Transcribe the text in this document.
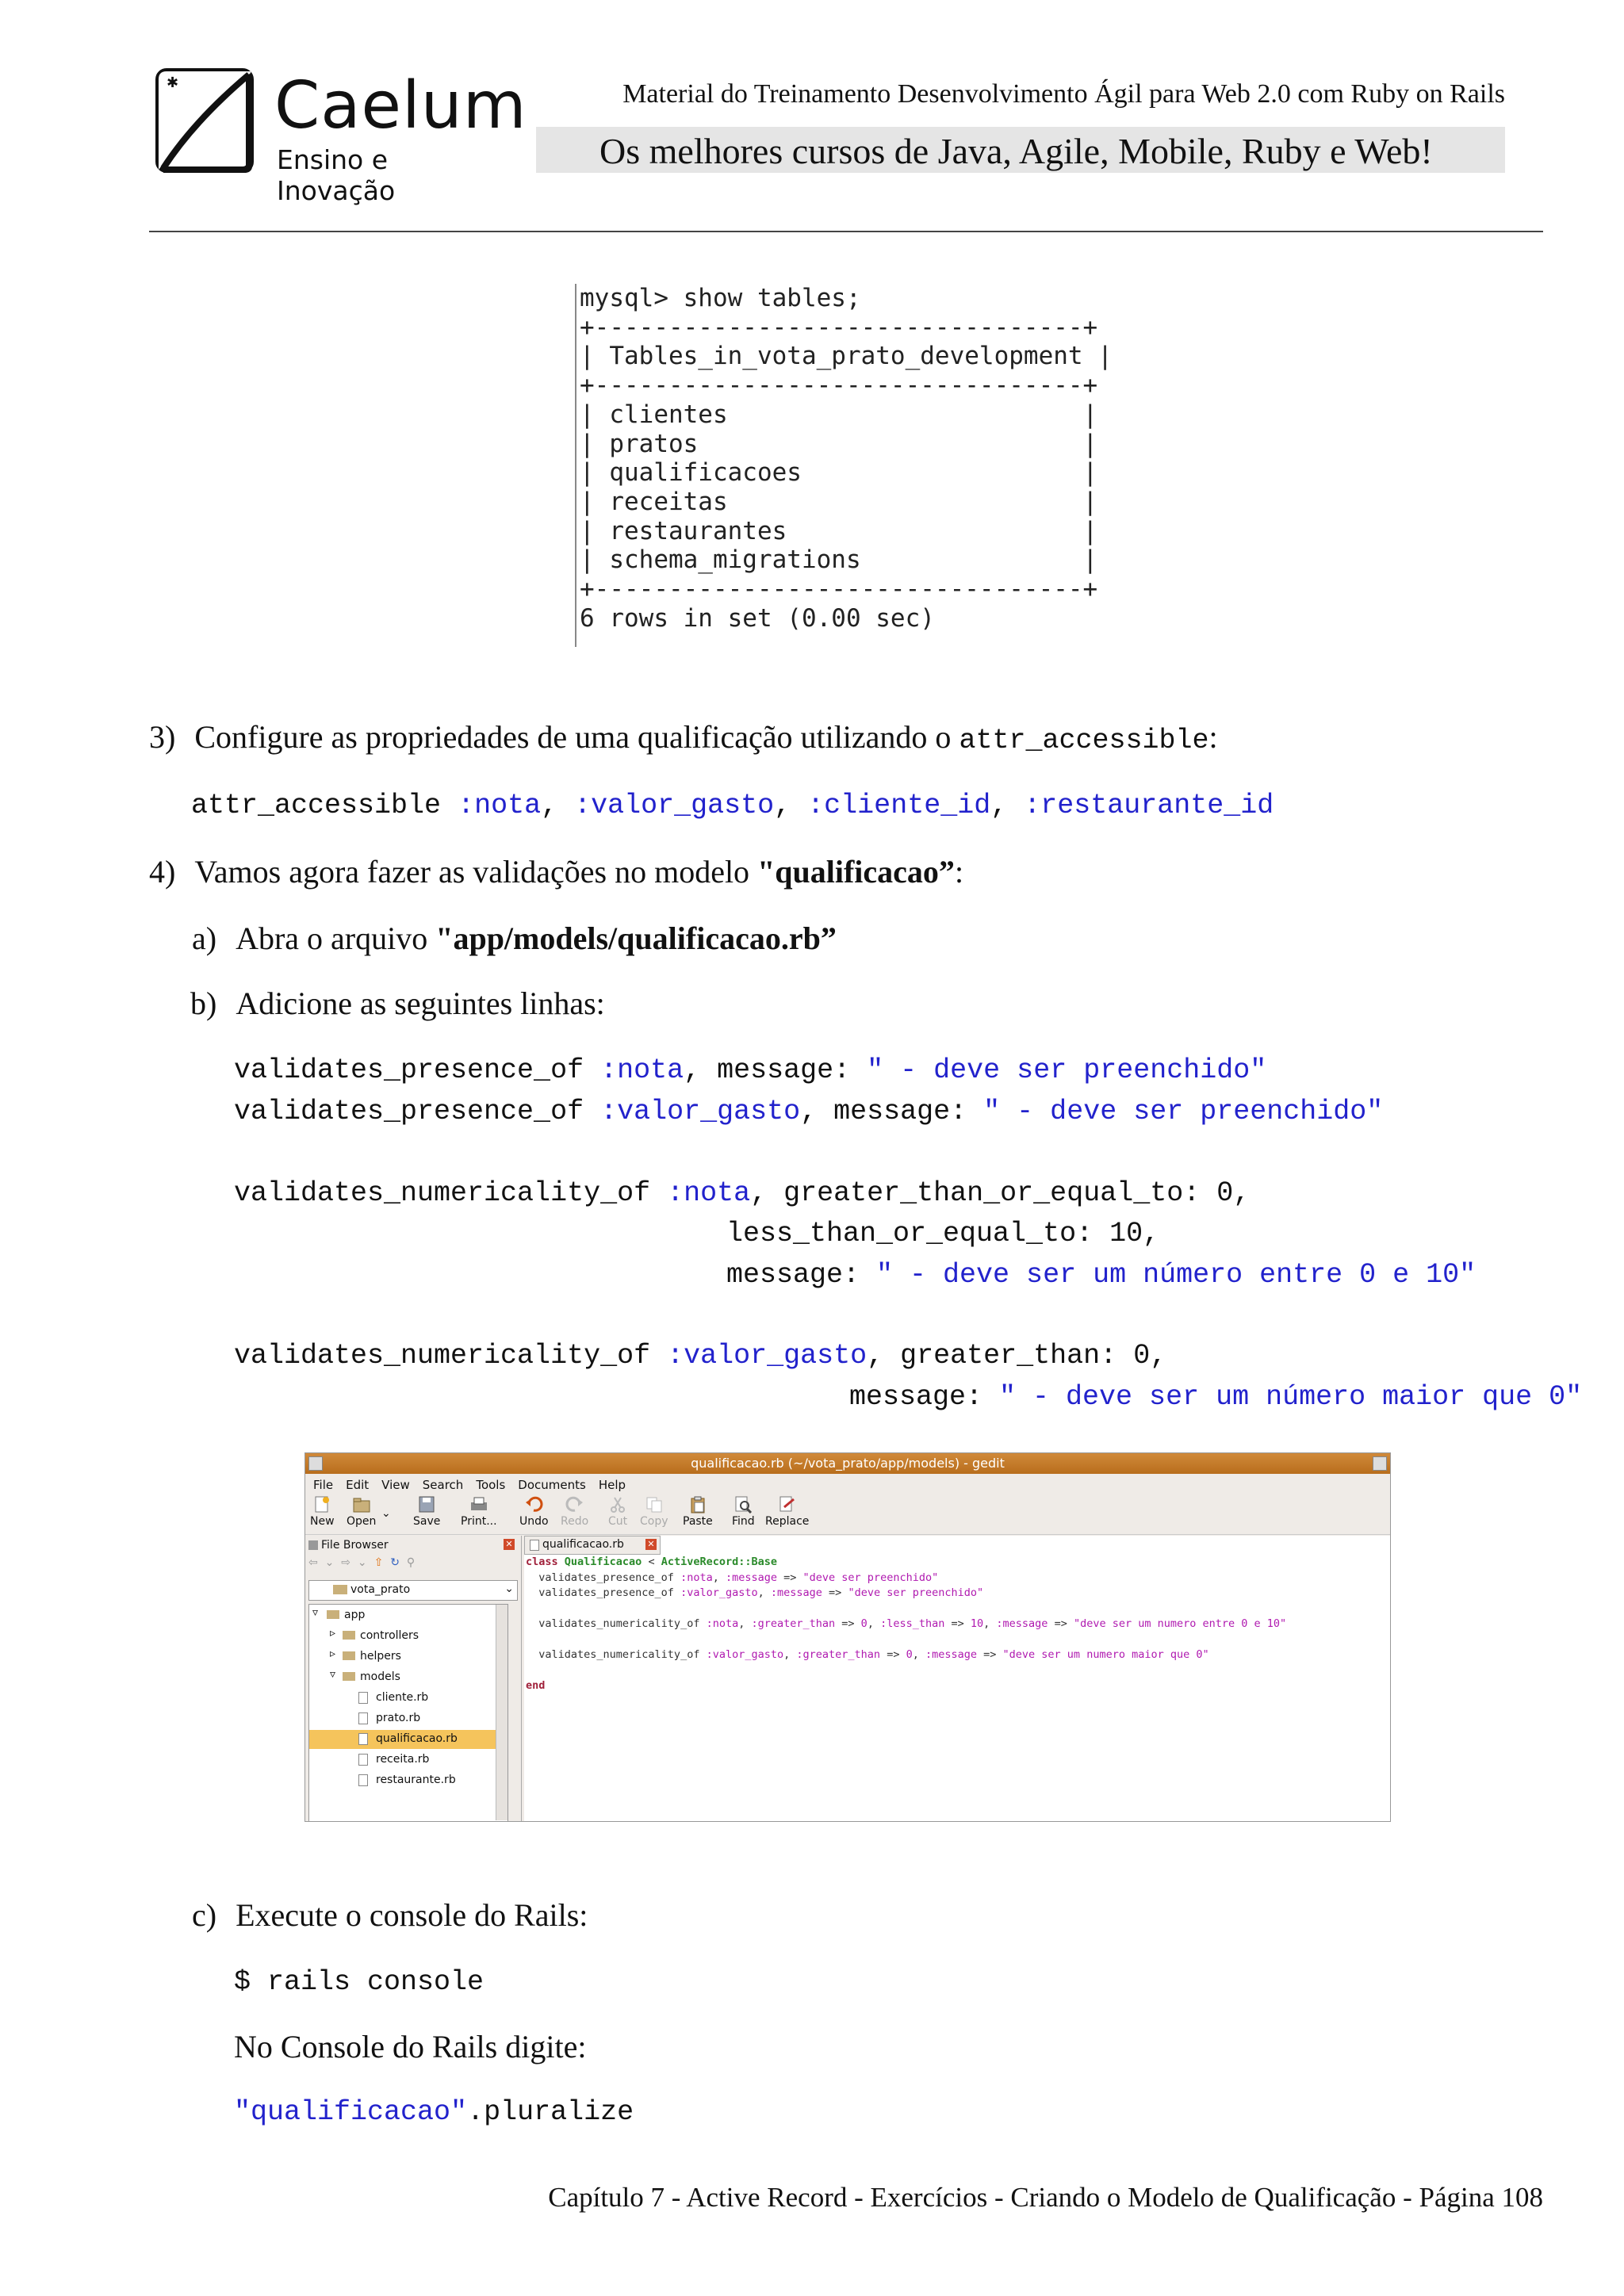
✱ Caelum
Ensino e Inovação
Material do Treinamento Desenvolvimento Ágil para Web 2.0 com Ruby on Rails
Os melhores cursos de Java, Agile, Mobile, Ruby e Web!
mysql> show tables;
+---------------------------------+
| Tables_in_vota_prato_development |
+---------------------------------+
| clientes                        |
| pratos                          |
| qualificacoes                   |
| receitas                        |
| restaurantes                    |
| schema_migrations               |
+---------------------------------+
6 rows in set (0.00 sec)
3) Configure as propriedades de uma qualificação utilizando o attr_accessible:
attr_accessible :nota, :valor_gasto, :cliente_id, :restaurante_id
4) Vamos agora fazer as validações no modelo "qualificacao”:
a) Abra o arquivo "app/models/qualificacao.rb”
b) Adicione as seguintes linhas:
validates_presence_of :nota, message: " - deve ser preenchido"
validates_presence_of :valor_gasto, message: " - deve ser preenchido"
validates_numericality_of :nota, greater_than_or_equal_to: 0,
less_than_or_equal_to: 10,
message: " - deve ser um número entre 0 e 10"
validates_numericality_of :valor_gasto, greater_than: 0,
message: " - deve ser um número maior que 0"
qualificacao.rb (~/vota_prato/app/models) - gedit
File Edit View Search Tools Documents Help
New Open
⌄
Save Print... Undo Redo Cut Copy Paste Find Replace
File Browser	✕
⇦ ⌄ ⇨ ⌄ ⇧ ↻ ⚲
vota_prato	⌄
▿ app
▹ controllers
▹ helpers
▿ models
cliente.rb
prato.rb
qualificacao.rb
receita.rb
restaurante.rb
qualificacao.rb	✕
class Qualificacao < ActiveRecord::Base
validates_presence_of :nota, :message => "deve ser preenchido"
validates_presence_of :valor_gasto, :message => "deve ser preenchido"

validates_numericality_of :nota, :greater_than => 0, :less_than => 10, :message => "deve ser um numero entre 0 e 10"

validates_numericality_of :valor_gasto, :greater_than => 0, :message => "deve ser um numero maior que 0"

end
c) Execute o console do Rails:
$ rails console
No Console do Rails digite:
"qualificacao".pluralize
Capítulo 7 - Active Record - Exercícios - Criando o Modelo de Qualificação - Página 108
